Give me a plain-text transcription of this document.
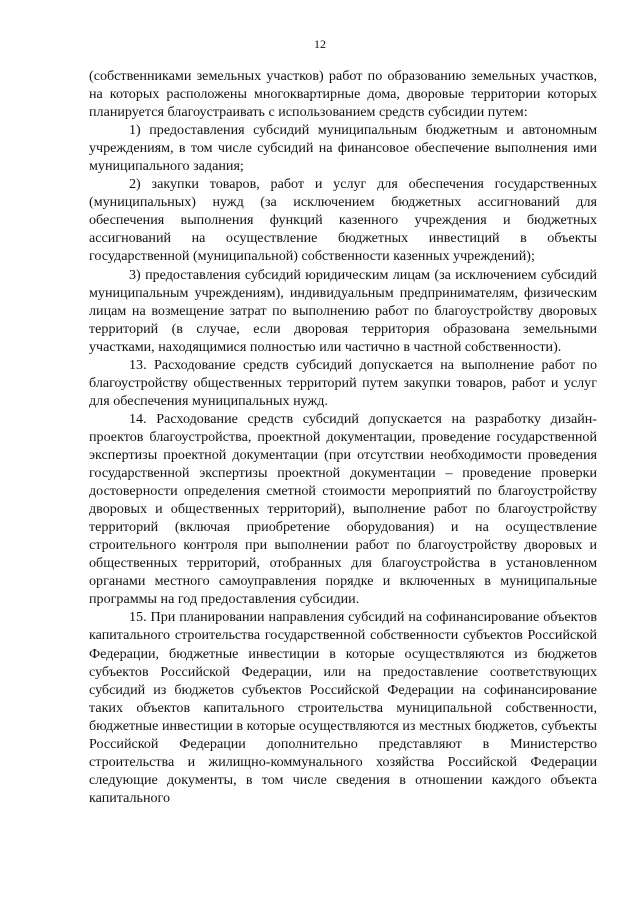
12

(собственниками земельных участков) работ по образованию земельных участков, на которых расположены многоквартирные дома, дворовые территории которых планируется благоустраивать с использованием средств субсидии путем:

1) предоставления субсидий муниципальным бюджетным и автономным учреждениям, в том числе субсидий на финансовое обеспечение выполнения ими муниципального задания;

2) закупки товаров, работ и услуг для обеспечения государственных (муниципальных) нужд (за исключением бюджетных ассигнований для обеспечения выполнения функций казенного учреждения и бюджетных ассигнований на осуществление бюджетных инвестиций в объекты государственной (муниципальной) собственности казенных учреждений);

3) предоставления субсидий юридическим лицам (за исключением субсидий муниципальным учреждениям), индивидуальным предпринимателям, физическим лицам на возмещение затрат по выполнению работ по благоустройству дворовых территорий (в случае, если дворовая территория образована земельными участками, находящимися полностью или частично в частной собственности).

13. Расходование средств субсидий допускается на выполнение работ по благоустройству общественных территорий путем закупки товаров, работ и услуг для обеспечения муниципальных нужд.

14. Расходование средств субсидий допускается на разработку дизайн-проектов благоустройства, проектной документации, проведение государственной экспертизы проектной документации (при отсутствии необходимости проведения государственной экспертизы проектной документации – проведение проверки достоверности определения сметной стоимости мероприятий по благоустройству дворовых и общественных территорий), выполнение работ по благоустройству территорий (включая приобретение оборудования) и на осуществление строительного контроля при выполнении работ по благоустройству дворовых и общественных территорий, отобранных для благоустройства в установленном органами местного самоуправления порядке и включенных в муниципальные программы на год предоставления субсидии.

15. При планировании направления субсидий на софинансирование объектов капитального строительства государственной собственности субъектов Российской Федерации, бюджетные инвестиции в которые осуществляются из бюджетов субъектов Российской Федерации, или на предоставление соответствующих субсидий из бюджетов субъектов Российской Федерации на софинансирование таких объектов капитального строительства муниципальной собственности, бюджетные инвестиции в которые осуществляются из местных бюджетов, субъекты Российской Федерации дополнительно представляют в Министерство строительства и жилищно-коммунального хозяйства Российской Федерации следующие документы, в том числе сведения в отношении каждого объекта капитального
